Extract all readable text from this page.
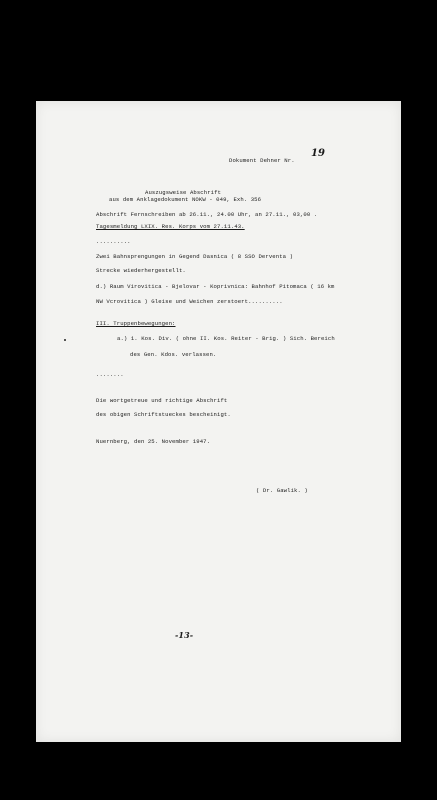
Dokument Dehner Nr.
19
Auszugsweise Abschrift
aus dem Anklagedokument NOKW - 049, Exh. 356
Abschrift Fernschreiben ab 26.11., 24.00 Uhr, an 27.11., 03,00 .
Tagesmeldung LXIX. Res. Korps vom 27.11.43.
..........
Zwei Bahnsprengungen in Gegend Dasnica ( 8 SSO Derventa )
Strecke wiederhergestellt.
d.) Raum Virovitica - Bjelovar - Koprivnica: Bahnhof Pitomaca ( 16 km
NW Vcrovitica ) Gleise und Weichen zerstoert..........
III. Truppenbewegungen:
a.) 1. Kos. Div. ( ohne II. Kos. Reiter - Brig. ) Sich. Bereich
des Gen. Kdos. verlassen.
........
Die wortgetreue und richtige Abschrift
des obigen Schriftstueckes bescheinigt.
Nuernberg, den 25. November 1947.
( Dr. Gawlik. )
-13-
